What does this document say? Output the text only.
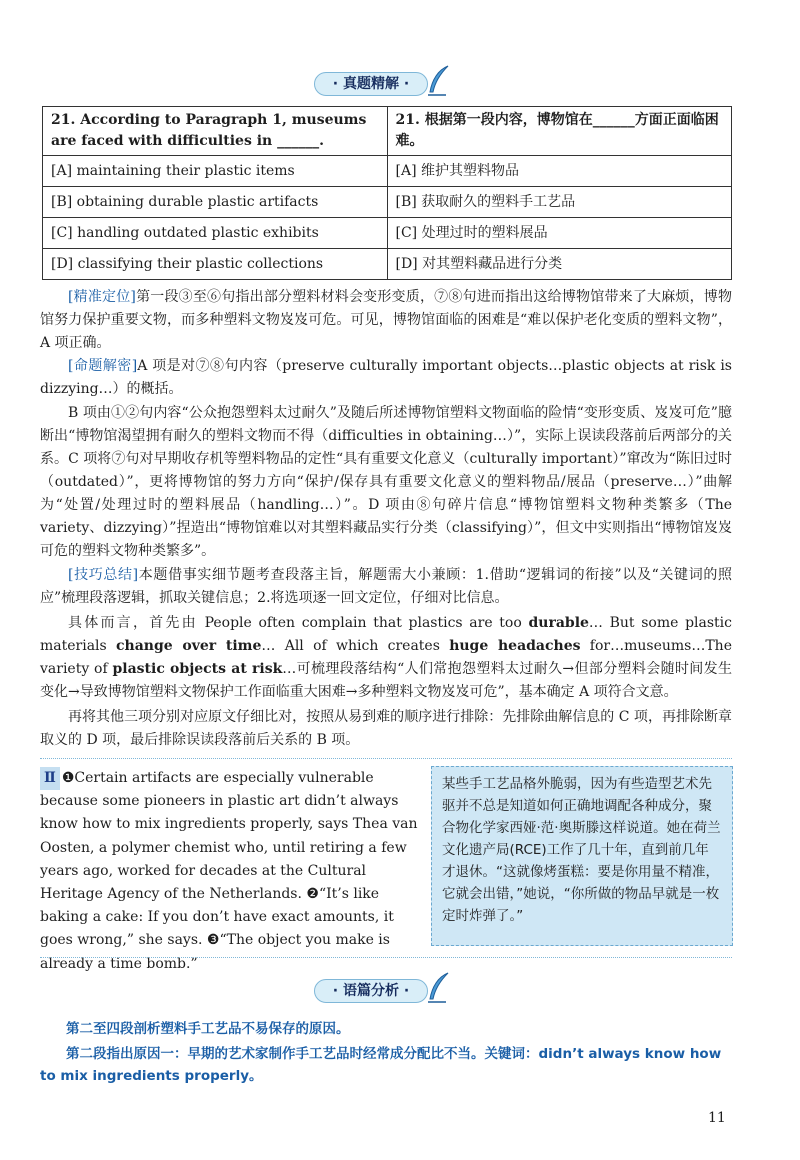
· 真题精解 ·
21. According to Paragraph 1, museums are faced with difficulties in ______.	21. 根据第一段内容，博物馆在______方面正面临困难。
[A] maintaining their plastic items	[A] 维护其塑料物品
[B] obtaining durable plastic artifacts	[B] 获取耐久的塑料手工艺品
[C] handling outdated plastic exhibits	[C] 处理过时的塑料展品
[D] classifying their plastic collections	[D] 对其塑料藏品进行分类
[精准定位]第一段③至⑥句指出部分塑料材料会变形变质，⑦⑧句进而指出这给博物馆带来了大麻烦，博物馆努力保护重要文物，而多种塑料文物岌岌可危。可见，博物馆面临的困难是“难以保护老化变质的塑料文物”，A 项正确。
[命题解密]A 项是对⑦⑧句内容（preserve culturally important objects…plastic objects at risk is dizzying…）的概括。
B 项由①②句内容“公众抱怨塑料太过耐久”及随后所述博物馆塑料文物面临的险情“变形变质、岌岌可危”臆断出“博物馆渴望拥有耐久的塑料文物而不得（difficulties in obtaining…）”，实际上误读段落前后两部分的关系。C 项将⑦句对早期收存机等塑料物品的定性“具有重要文化意义（culturally important）”窜改为“陈旧过时（outdated）”，更将博物馆的努力方向“保护/保存具有重要文化意义的塑料物品/展品（preserve…）”曲解为“处置/处理过时的塑料展品（handling…）”。D 项由⑧句碎片信息“博物馆塑料文物种类繁多（The variety、dizzying）”捏造出“博物馆难以对其塑料藏品实行分类（classifying）”，但文中实则指出“博物馆岌岌可危的塑料文物种类繁多”。
[技巧总结]本题借事实细节题考查段落主旨，解题需大小兼顾：1.借助“逻辑词的衔接”以及“关键词的照应”梳理段落逻辑，抓取关键信息；2.将选项逐一回文定位，仔细对比信息。
具体而言，首先由 People often complain that plastics are too durable… But some plastic materials change over time… All of which creates huge headaches for…museums…The variety of plastic objects at risk…可梳理段落结构“人们常抱怨塑料太过耐久→但部分塑料会随时间发生变化→导致博物馆塑料文物保护工作面临重大困难→多种塑料文物岌岌可危”，基本确定 A 项符合文意。
再将其他三项分别对应原文仔细比对，按照从易到难的顺序进行排除：先排除曲解信息的 C 项，再排除断章取义的 D 项，最后排除误读段落前后关系的 B 项。
Ⅱ ❶Certain artifacts are especially vulnerable because some pioneers in plastic art didn’t always know how to mix ingredients properly, says Thea van Oosten, a polymer chemist who, until retiring a few years ago, worked for decades at the Cultural Heritage Agency of the Netherlands. ❷“It’s like baking a cake: If you don’t have exact amounts, it goes wrong,” she says. ❸“The object you make is already a time bomb.”
某些手工艺品格外脆弱，因为有些造型艺术先驱并不总是知道如何正确地调配各种成分，聚合物化学家西娅·范·奥斯滕这样说道。她在荷兰文化遗产局(RCE)工作了几十年，直到前几年才退休。“这就像烤蛋糕：要是你用量不精准，它就会出错，”她说，“你所做的物品早就是一枚定时炸弹了。”
· 语篇分析 ·
第二至四段剖析塑料手工艺品不易保存的原因。
第二段指出原因一：早期的艺术家制作手工艺品时经常成分配比不当。关键词：didn’t always know how to mix ingredients properly。
11
